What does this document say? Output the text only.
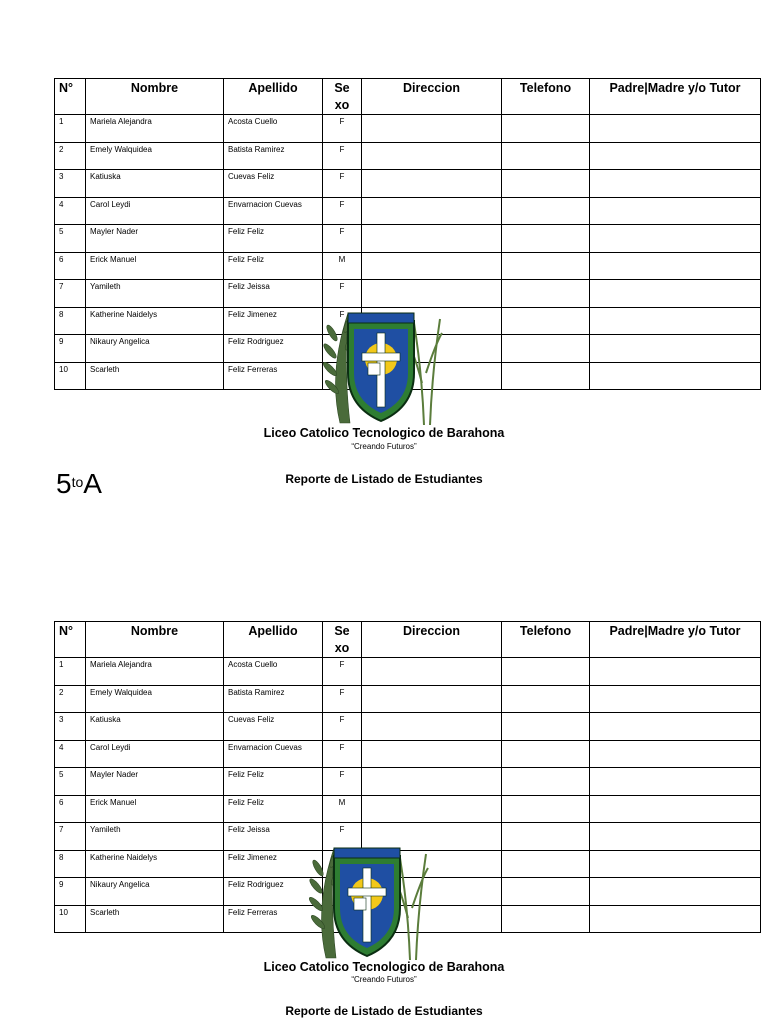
N°	Nombre	Apellido	Sexo	Direccion	Telefono	Padre|Madre y/o Tutor
1	Mariela Alejandra	Acosta Cuello	F			
2	Emely Walquidea	Batista Ramirez	F			
3	Katiuska	Cuevas Feliz	F			
4	Carol Leydi	Envarnacion Cuevas	F			
5	Mayler Nader	Feliz Feliz	F			
6	Erick Manuel	Feliz Feliz	M			
7	Yamileth	Feliz Jeissa	F			
8	Katherine Naidelys	Feliz Jimenez	F			
9	Nikaury Angelica	Feliz Rodriguez				
10	Scarleth	Feliz Ferreras				
Liceo Catolico Tecnologico de Barahona
“Creando Futuros”
$5^{to}A$	Reporte de Listado de Estudiantes
N°	Nombre	Apellido	Sexo	Direccion	Telefono	Padre|Madre y/o Tutor
1	Mariela Alejandra	Acosta Cuello	F			
2	Emely Walquidea	Batista Ramirez	F			
3	Katiuska	Cuevas Feliz	F			
4	Carol Leydi	Envarnacion Cuevas	F			
5	Mayler Nader	Feliz Feliz	F			
6	Erick Manuel	Feliz Feliz	M			
7	Yamileth	Feliz Jeissa	F			
8	Katherine Naidelys	Feliz Jimenez				
9	Nikaury Angelica	Feliz Rodriguez				
10	Scarleth	Feliz Ferreras				
Liceo Catolico Tecnologico de Barahona
“Creando Futuros”
Reporte de Listado de Estudiantes
